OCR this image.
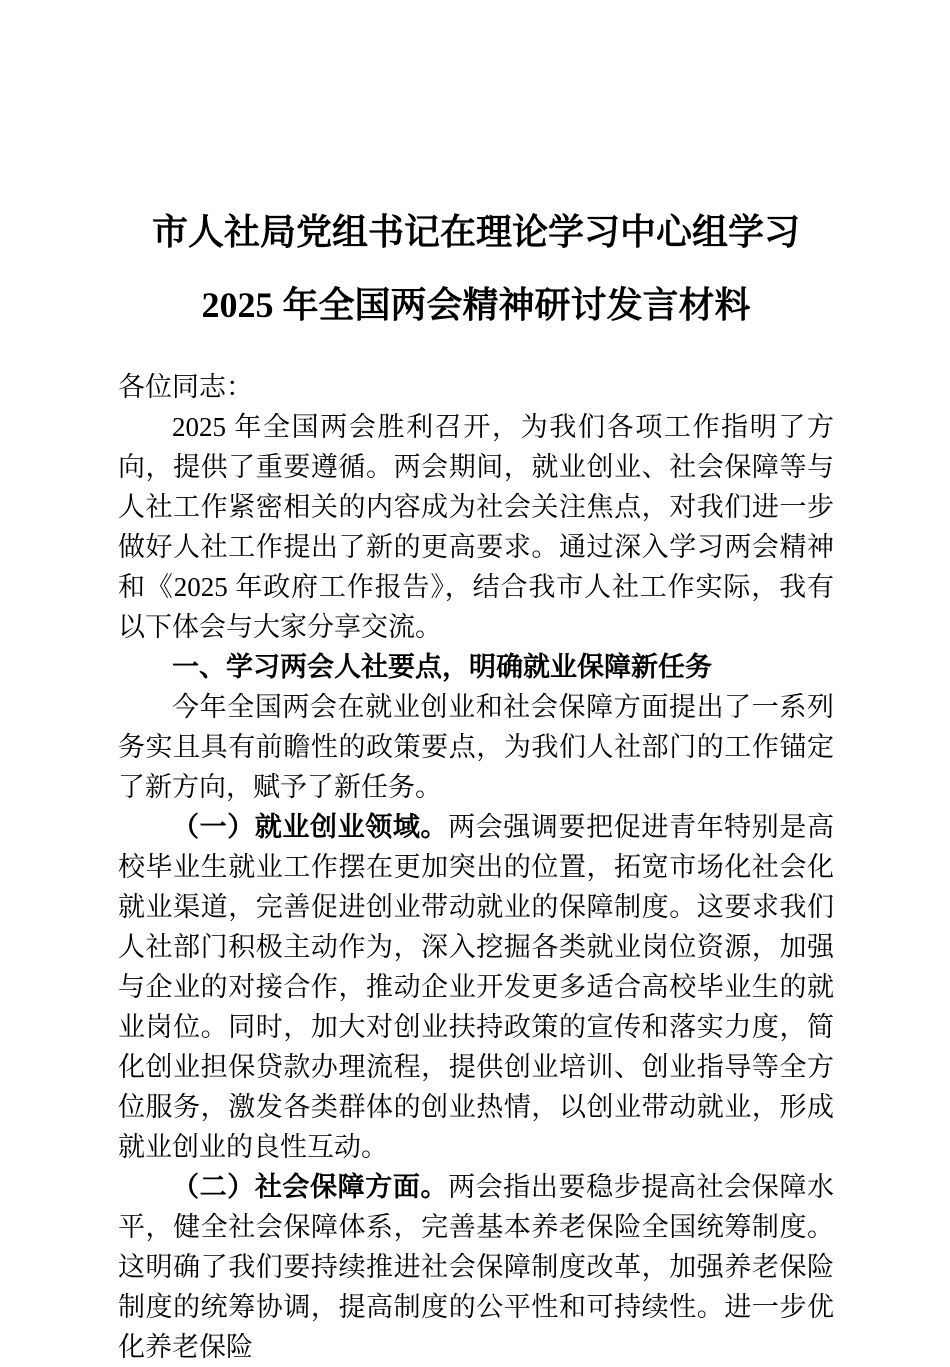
市人社局党组书记在理论学习中心组学习
2025 年全国两会精神研讨发言材料

各位同志：

2025 年全国两会胜利召开，为我们各项工作指明了方向，提供了重要遵循。两会期间，就业创业、社会保障等与人社工作紧密相关的内容成为社会关注焦点，对我们进一步做好人社工作提出了新的更高要求。通过深入学习两会精神和《2025 年政府工作报告》，结合我市人社工作实际，我有以下体会与大家分享交流。

一、学习两会人社要点，明确就业保障新任务

今年全国两会在就业创业和社会保障方面提出了一系列务实且具有前瞻性的政策要点，为我们人社部门的工作锚定了新方向，赋予了新任务。

（一）就业创业领域。两会强调要把促进青年特别是高校毕业生就业工作摆在更加突出的位置，拓宽市场化社会化就业渠道，完善促进创业带动就业的保障制度。这要求我们人社部门积极主动作为，深入挖掘各类就业岗位资源，加强与企业的对接合作，推动企业开发更多适合高校毕业生的就业岗位。同时，加大对创业扶持政策的宣传和落实力度，简化创业担保贷款办理流程，提供创业培训、创业指导等全方位服务，激发各类群体的创业热情，以创业带动就业，形成就业创业的良性互动。

（二）社会保障方面。两会指出要稳步提高社会保障水平，健全社会保障体系，完善基本养老保险全国统筹制度。这明确了我们要持续推进社会保障制度改革，加强养老保险制度的统筹协调，提高制度的公平性和可持续性。进一步优化养老保险
